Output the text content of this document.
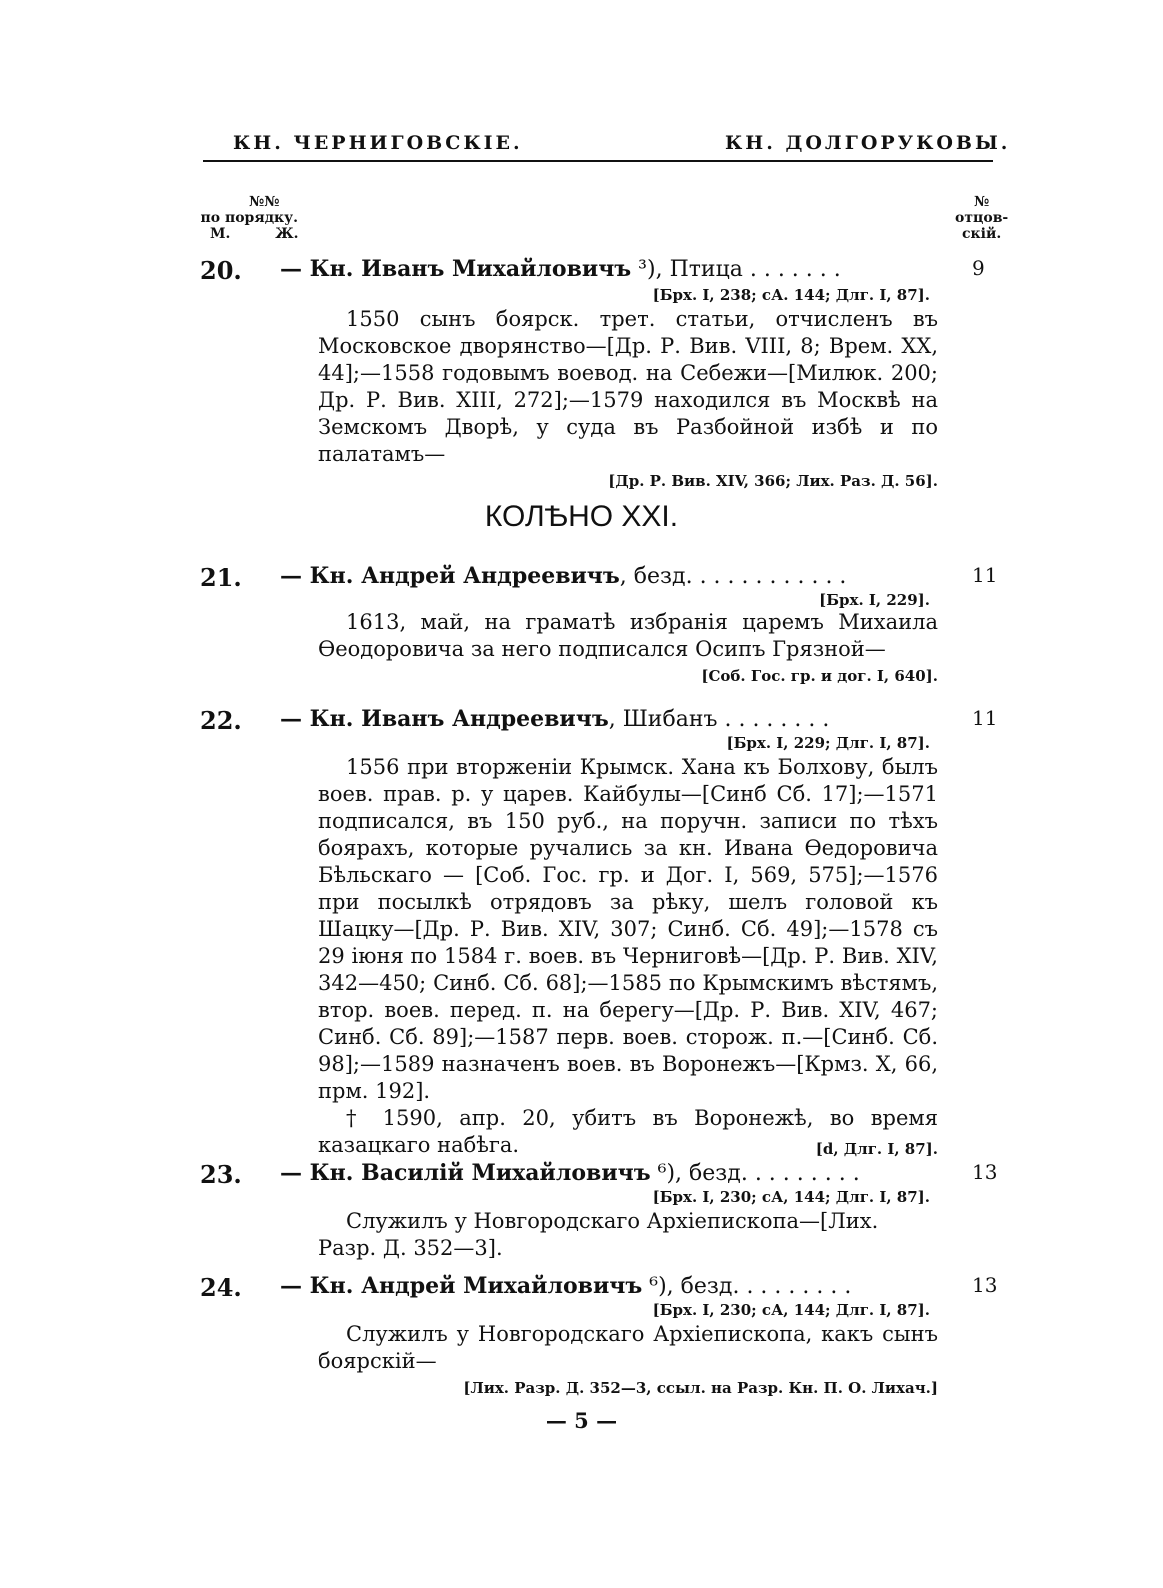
КН. ЧЕРНИГОВСКІЕ.	КН. ДОЛГОРУКОВЫ.
№№
по порядку.
М. Ж.
№
отцов-
скій.
20. — Кн. Иванъ Михайловичъ ³), Птица . . . . . . .	9
[Брх. I, 238; сА. 144; Длг. I, 87].
1550 сынъ боярск. трет. статьи, отчисленъ въ Московское дворянство—[Др. Р. Вив. VIII, 8; Врем. XX, 44];—1558 годовымъ воевод. на Себежи—[Милюк. 200; Др. Р. Вив. XIII, 272];—1579 находился въ Москвѣ на Земскомъ Дворѣ, у суда въ Разбойной избѣ и по палатамъ—
[Др. Р. Вив. XIV, 366; Лих. Раз. Д. 56].
КОЛѢНО XXI.
21. — Кн. Андрей Андреевичъ, безд. . . . . . . . . . . .	11
[Брх. I, 229].
1613, май, на граматѣ избранія царемъ Михаила Ѳеодоровича за него подписался Осипъ Грязной—
[Соб. Гос. гр. и дог. I, 640].
22. — Кн. Иванъ Андреевичъ, Шибанъ . . . . . . . .	11
[Брх. I, 229; Длг. I, 87].
1556 при вторженіи Крымск. Хана къ Болхову, былъ воев. прав. р. у царев. Кайбулы—[Синб Сб. 17];—1571 подписался, въ 150 руб., на поручн. записи по тѣхъ боярахъ, которые ручались за кн. Ивана Ѳедоровича Бѣльскаго — [Соб. Гос. гр. и Дог. I, 569, 575];—1576 при посылкѣ отрядовъ за рѣку, шелъ головой къ Шацку—[Др. Р. Вив. XIV, 307; Синб. Сб. 49];—1578 съ 29 іюня по 1584 г. воев. въ Черниговѣ—[Др. Р. Вив. XIV, 342—450; Синб. Сб. 68];—1585 по Крымскимъ вѣстямъ, втор. воев. перед. п. на берегу—[Др. Р. Вив. XIV, 467; Синб. Сб. 89];—1587 перв. воев. сторож. п.—[Синб. Сб. 98];—1589 назначенъ воев. въ Воронежъ—[Крмз. X, 66, прм. 192].
† 1590, апр. 20, убитъ въ Воронежѣ, во время казацкаго набѣга.	[d, Длг. I, 87].
23. — Кн. Василій Михайловичъ ⁶), безд. . . . . . . . .	13
[Брх. I, 230; сА, 144; Длг. I, 87].
Служилъ у Новгородскаго Архіепископа—[Лих. Разр. Д. 352—3].
24. — Кн. Андрей Михайловичъ ⁶), безд. . . . . . . . .	13
[Брх. I, 230; сА, 144; Длг. I, 87].
Служилъ у Новгородскаго Архіепископа, какъ сынъ боярскій—
[Лих. Разр. Д. 352—3, ссыл. на Разр. Кн. П. О. Лихач.]
— 5 —
